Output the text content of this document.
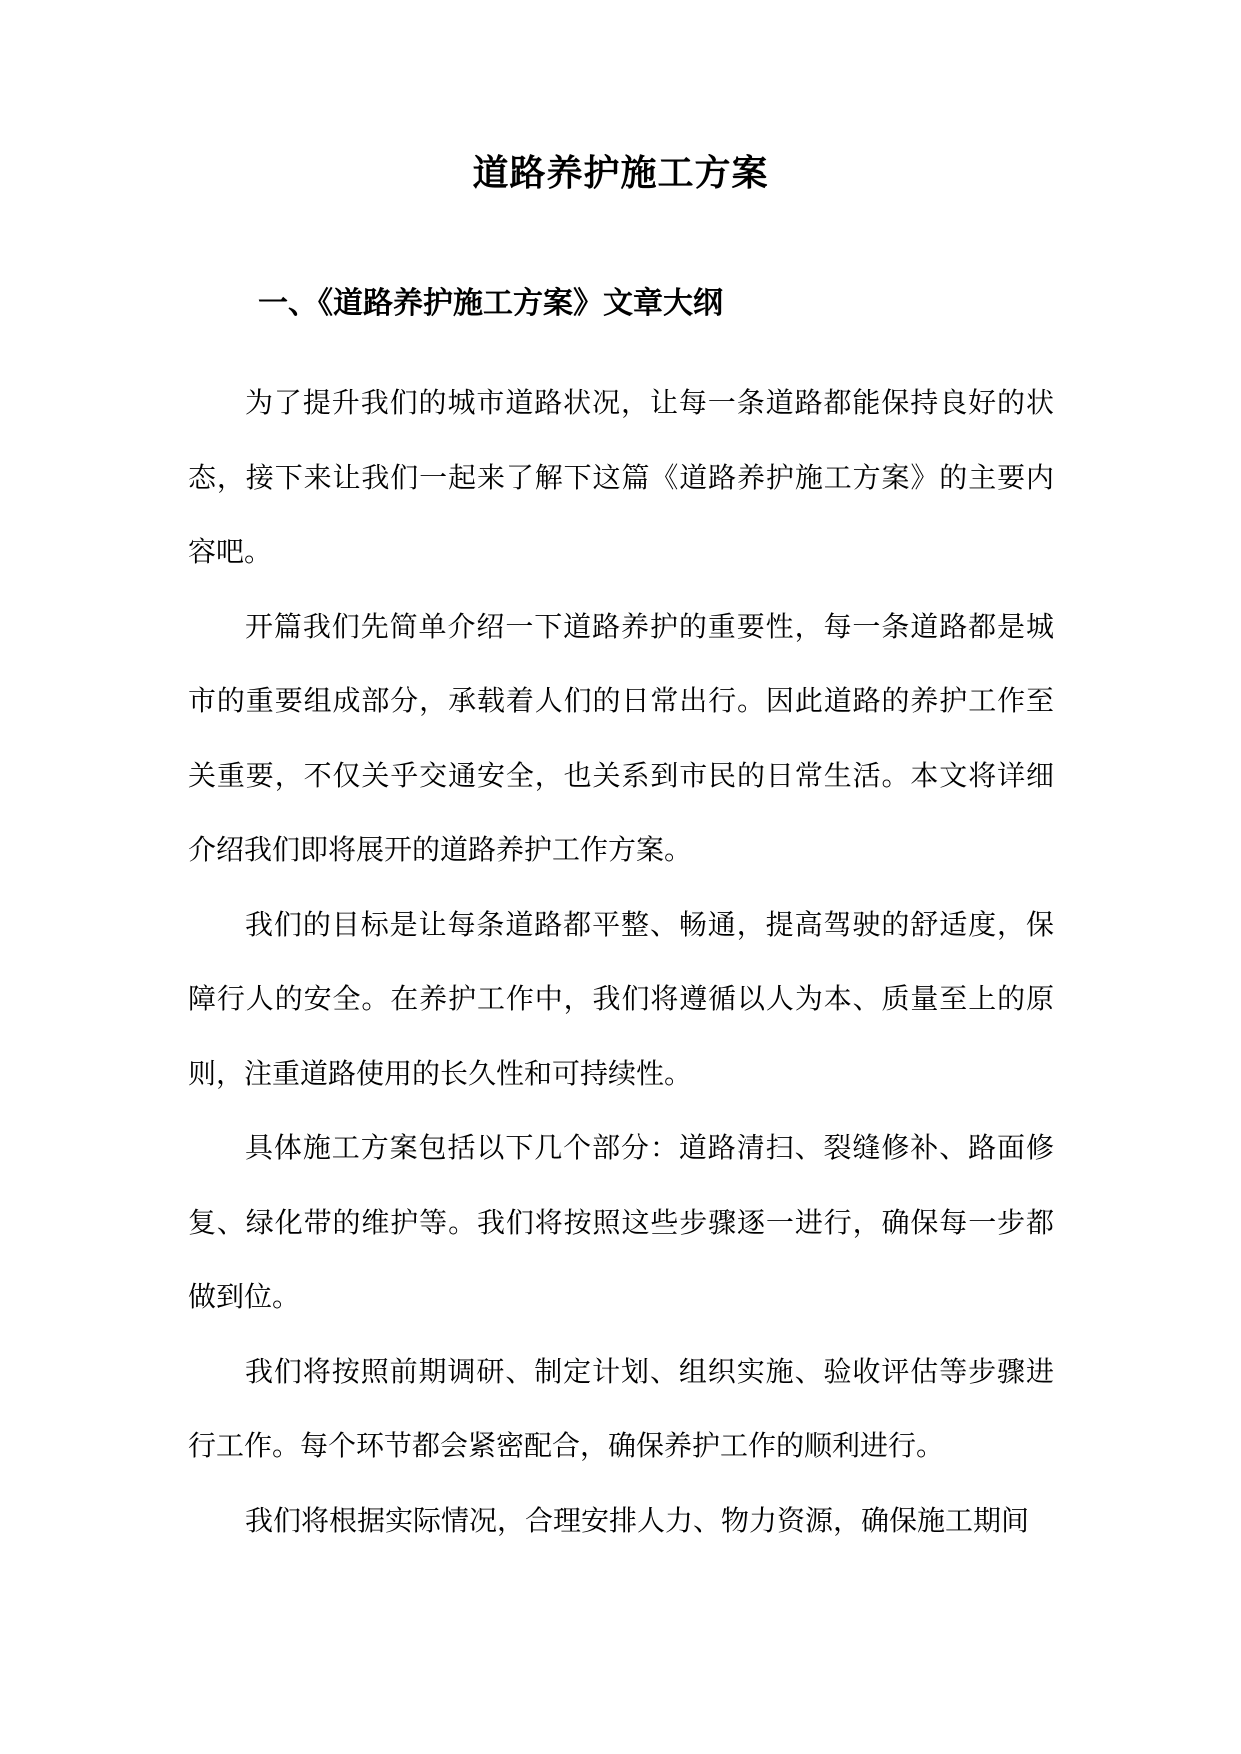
道路养护施工方案
一、《道路养护施工方案》文章大纲

为了提升我们的城市道路状况，让每一条道路都能保持良好的状态，接下来让我们一起来了解下这篇《道路养护施工方案》的主要内容吧。

开篇我们先简单介绍一下道路养护的重要性，每一条道路都是城市的重要组成部分，承载着人们的日常出行。因此道路的养护工作至关重要，不仅关乎交通安全，也关系到市民的日常生活。本文将详细介绍我们即将展开的道路养护工作方案。

我们的目标是让每条道路都平整、畅通，提高驾驶的舒适度，保障行人的安全。在养护工作中，我们将遵循以人为本、质量至上的原则，注重道路使用的长久性和可持续性。

具体施工方案包括以下几个部分：道路清扫、裂缝修补、路面修复、绿化带的维护等。我们将按照这些步骤逐一进行，确保每一步都做到位。

我们将按照前期调研、制定计划、组织实施、验收评估等步骤进行工作。每个环节都会紧密配合，确保养护工作的顺利进行。

我们将根据实际情况，合理安排人力、物力资源，确保施工期间
